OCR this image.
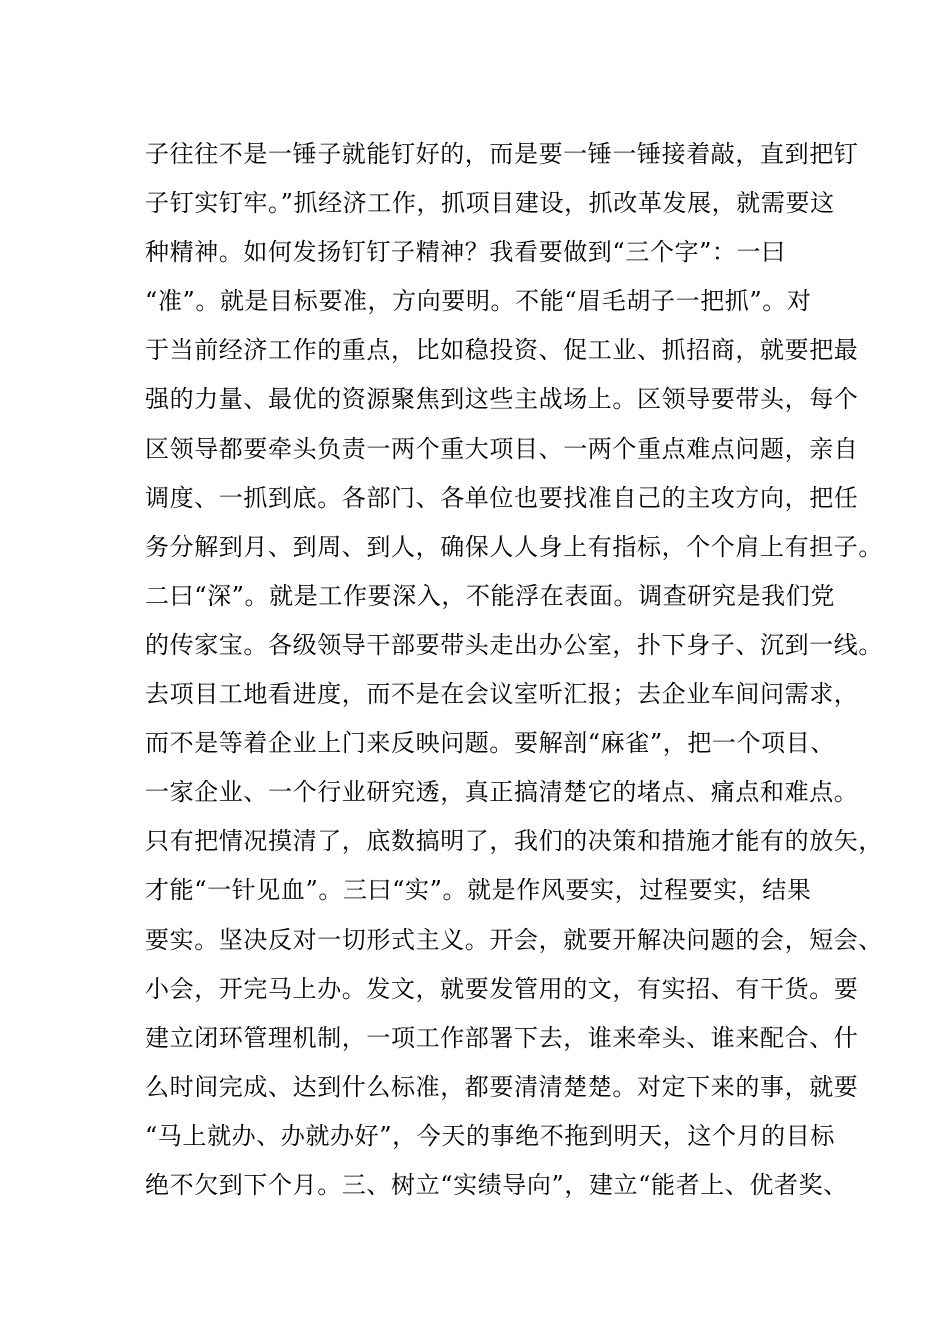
子往往不是一锤子就能钉好的，而是要一锤一锤接着敲，直到把钉
子钉实钉牢。”抓经济工作，抓项目建设，抓改革发展，就需要这
种精神。如何发扬钉钉子精神？我看要做到“三个字”：一曰
“准”。就是目标要准，方向要明。不能“眉毛胡子一把抓”。对
于当前经济工作的重点，比如稳投资、促工业、抓招商，就要把最
强的力量、最优的资源聚焦到这些主战场上。区领导要带头，每个
区领导都要牵头负责一两个重大项目、一两个重点难点问题，亲自
调度、一抓到底。各部门、各单位也要找准自己的主攻方向，把任
务分解到月、到周、到人，确保人人身上有指标，个个肩上有担子。
二曰“深”。就是工作要深入，不能浮在表面。调查研究是我们党
的传家宝。各级领导干部要带头走出办公室，扑下身子、沉到一线。
去项目工地看进度，而不是在会议室听汇报；去企业车间问需求，
而不是等着企业上门来反映问题。要解剖“麻雀”，把一个项目、
一家企业、一个行业研究透，真正搞清楚它的堵点、痛点和难点。
只有把情况摸清了，底数搞明了，我们的决策和措施才能有的放矢，
才能“一针见血”。三曰“实”。就是作风要实，过程要实，结果
要实。坚决反对一切形式主义。开会，就要开解决问题的会，短会、
小会，开完马上办。发文，就要发管用的文，有实招、有干货。要
建立闭环管理机制，一项工作部署下去，谁来牵头、谁来配合、什
么时间完成、达到什么标准，都要清清楚楚。对定下来的事，就要
“马上就办、办就办好”，今天的事绝不拖到明天，这个月的目标
绝不欠到下个月。三、树立“实绩导向”，建立“能者上、优者奖、
